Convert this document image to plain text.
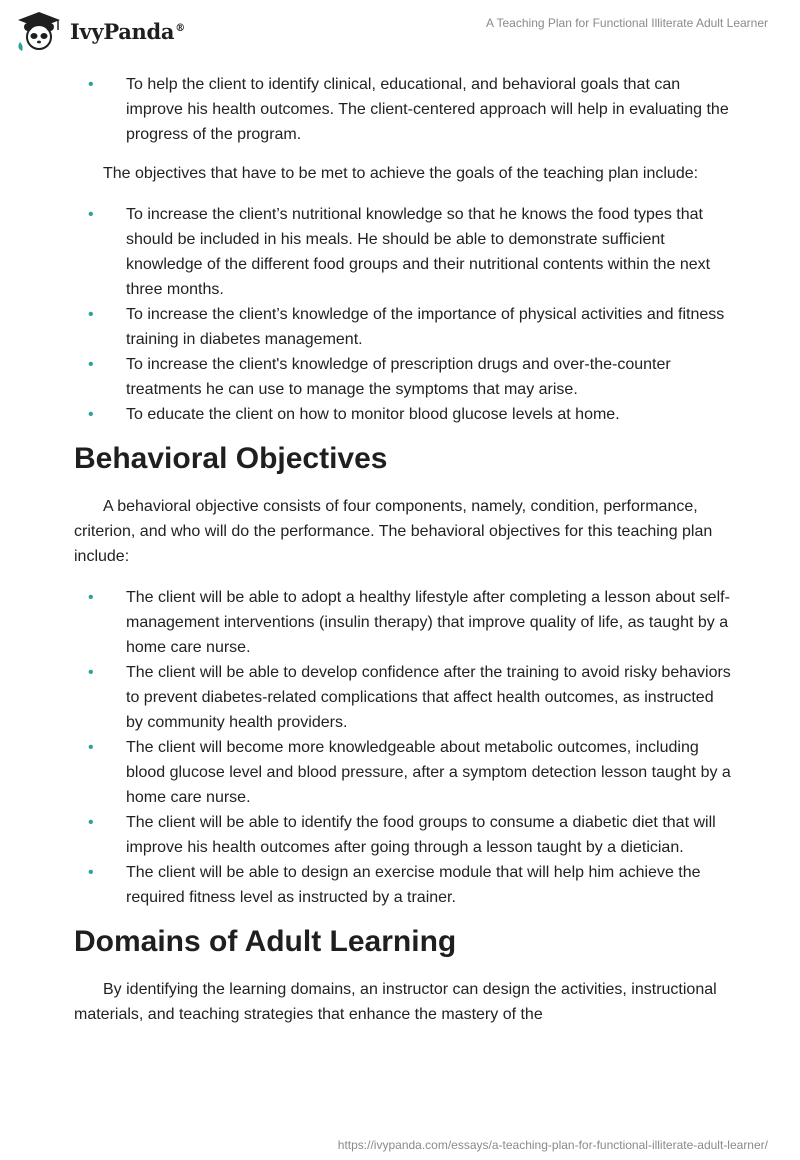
IvyPanda®	A Teaching Plan for Functional Illiterate Adult Learner
• To help the client to identify clinical, educational, and behavioral goals that can improve his health outcomes. The client-centered approach will help in evaluating the progress of the program.

The objectives that have to be met to achieve the goals of the teaching plan include:

• To increase the client’s nutritional knowledge so that he knows the food types that should be included in his meals. He should be able to demonstrate sufficient knowledge of the different food groups and their nutritional contents within the next three months.
• To increase the client’s knowledge of the importance of physical activities and fitness training in diabetes management.
• To increase the client's knowledge of prescription drugs and over-the-counter treatments he can use to manage the symptoms that may arise.
• To educate the client on how to monitor blood glucose levels at home.
Behavioral Objectives

A behavioral objective consists of four components, namely, condition, performance, criterion, and who will do the performance. The behavioral objectives for this teaching plan include:

• The client will be able to adopt a healthy lifestyle after completing a lesson about self-management interventions (insulin therapy) that improve quality of life, as taught by a home care nurse.
• The client will be able to develop confidence after the training to avoid risky behaviors to prevent diabetes-related complications that affect health outcomes, as instructed by community health providers.
• The client will become more knowledgeable about metabolic outcomes, including blood glucose level and blood pressure, after a symptom detection lesson taught by a home care nurse.
• The client will be able to identify the food groups to consume a diabetic diet that will improve his health outcomes after going through a lesson taught by a dietician.
• The client will be able to design an exercise module that will help him achieve the required fitness level as instructed by a trainer.
Domains of Adult Learning

By identifying the learning domains, an instructor can design the activities, instructional materials, and teaching strategies that enhance the mastery of the

https://ivypanda.com/essays/a-teaching-plan-for-functional-illiterate-adult-learner/
